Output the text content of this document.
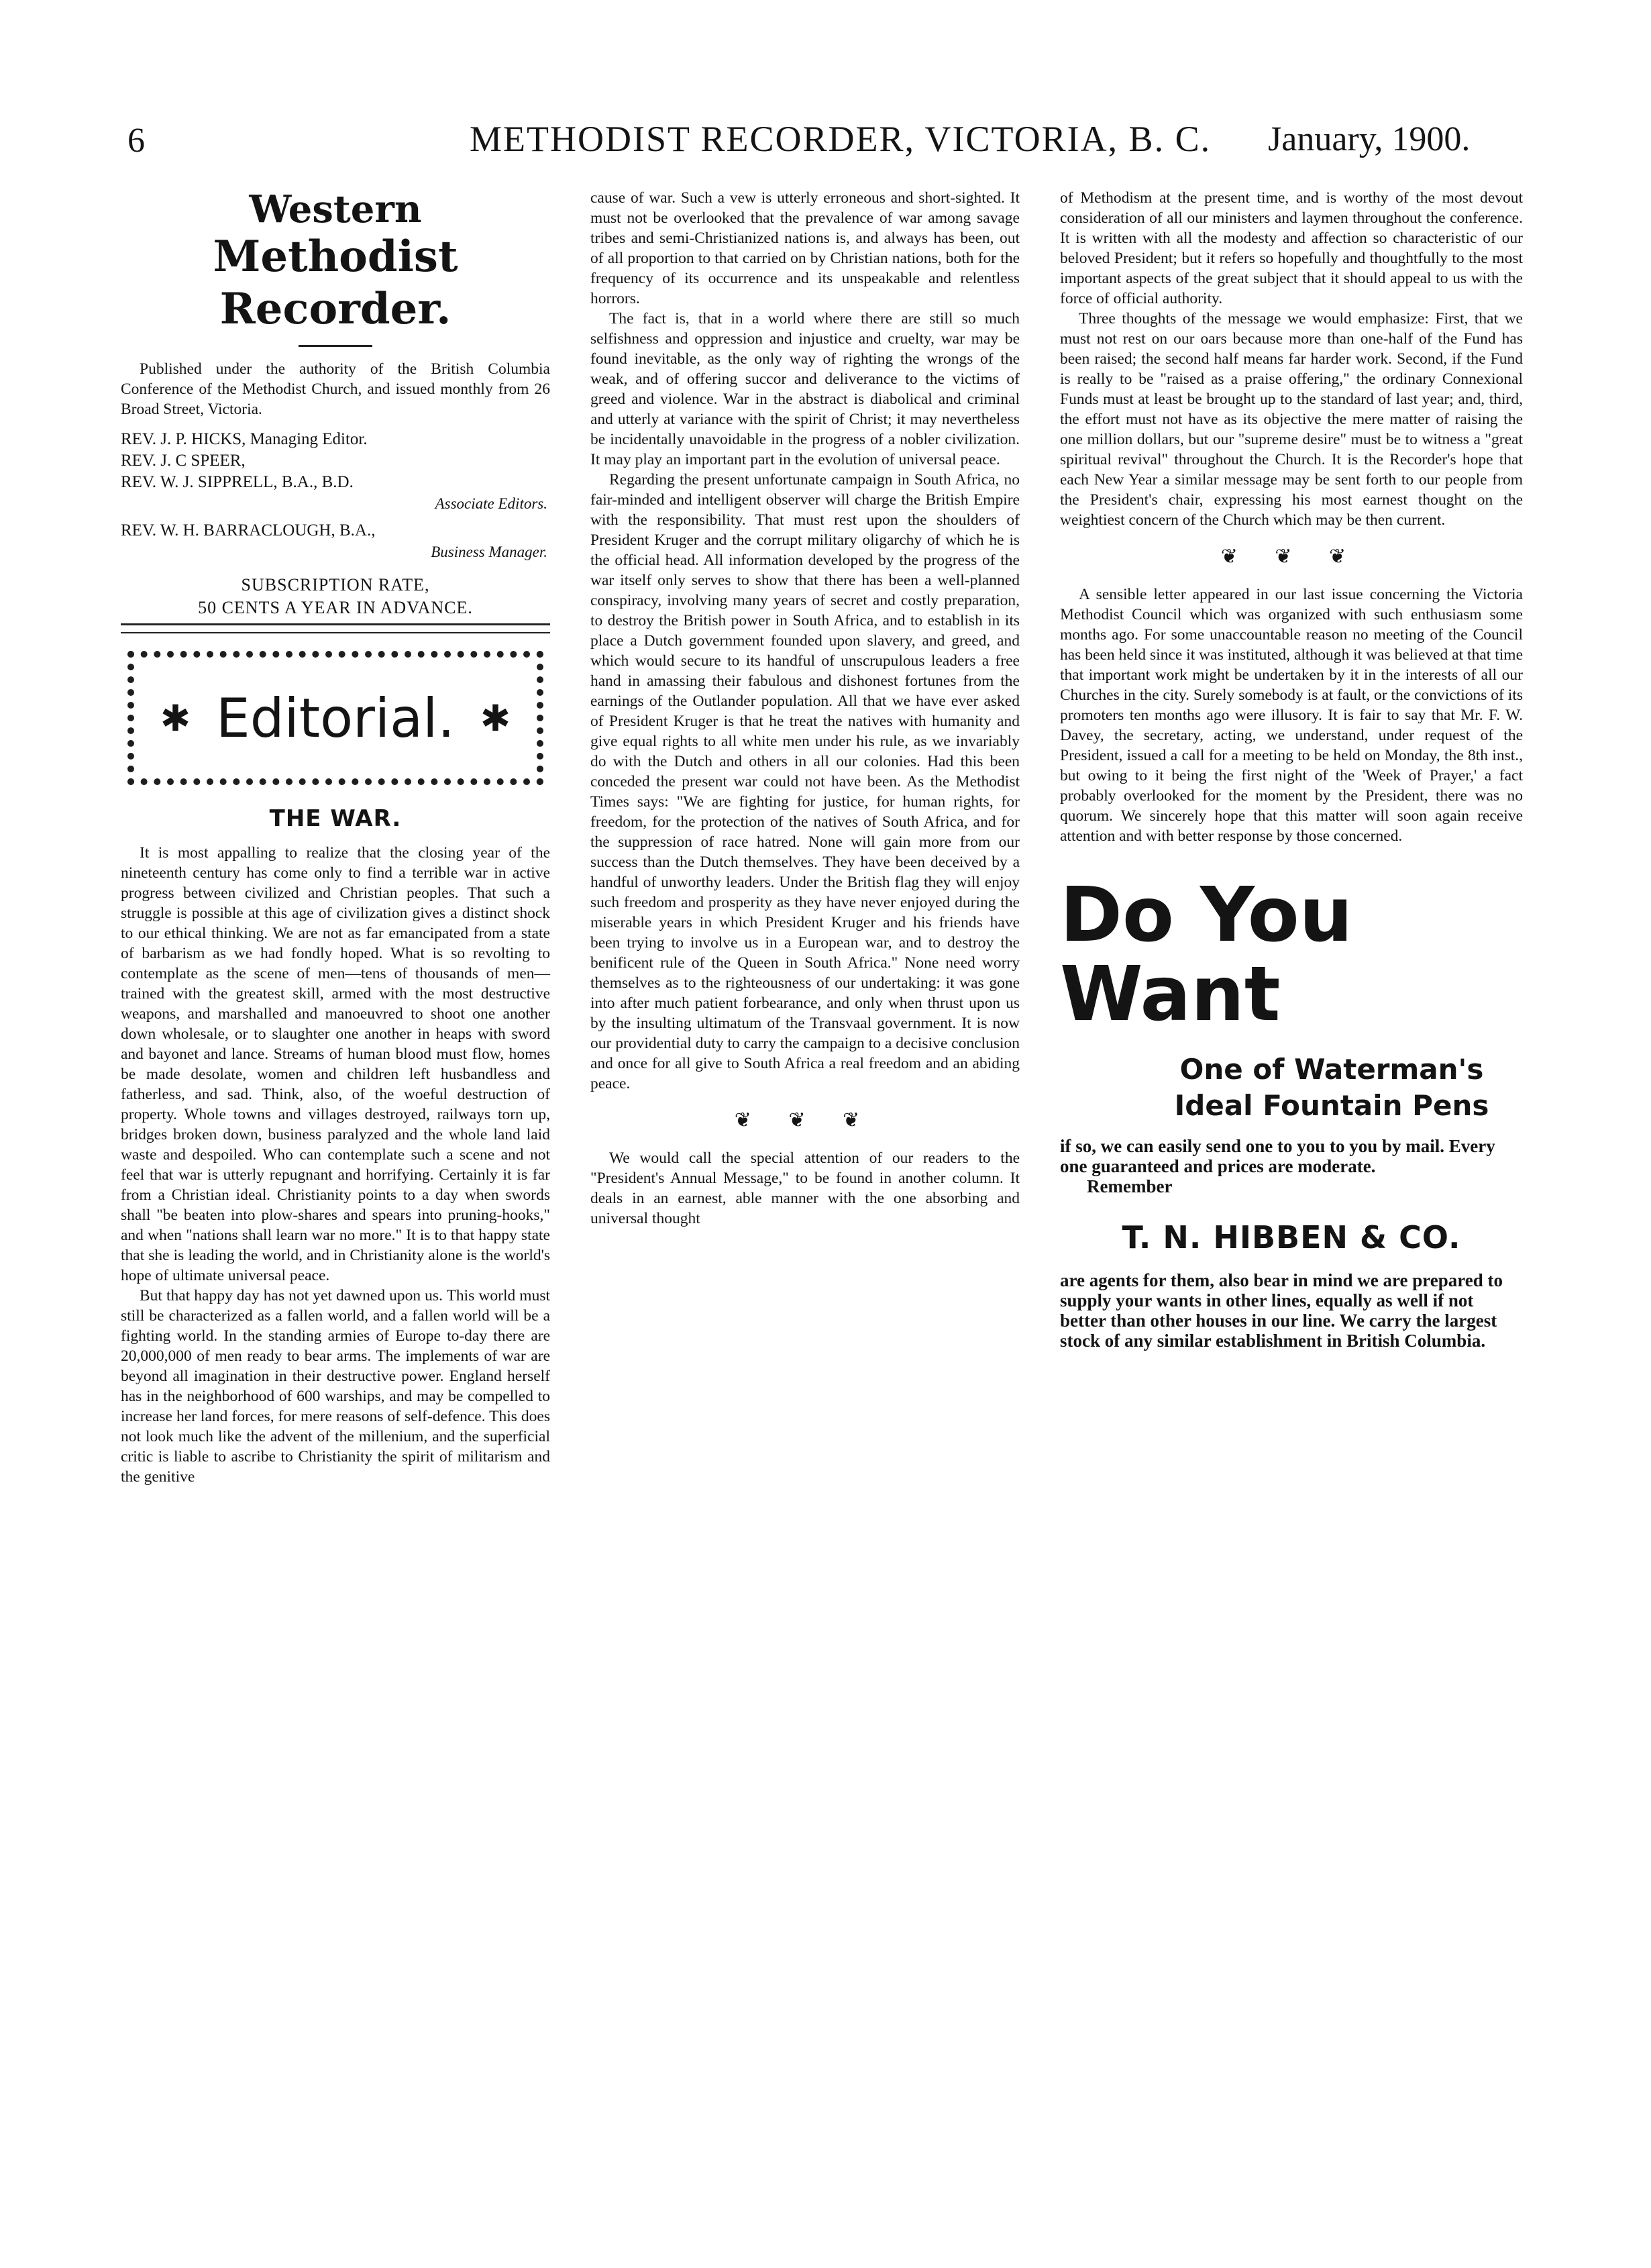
6	METHODIST RECORDER, VICTORIA, B. C. January, 1900.
Western
Methodist Recorder.

Published under the authority of the British Columbia Conference of the Methodist Church, and issued monthly from 26 Broad Street, Victoria.

REV. J. P. HICKS, Managing Editor.
REV. J. C SPEER,
REV. W. J. SIPPRELL, B.A., B.D.
Associate Editors.
REV. W. H. BARRACLOUGH, B.A.,
Business Manager.
SUBSCRIPTION RATE,
50 CENTS A YEAR IN ADVANCE.
✱ Editorial. ✱
THE WAR.

It is most appalling to realize that the closing year of the nineteenth century has come only to find a terrible war in active progress between civilized and Christian peoples. That such a struggle is possible at this age of civilization gives a distinct shock to our ethical thinking. We are not as far emancipated from a state of barbarism as we had fondly hoped. What is so revolting to contemplate as the scene of men—tens of thousands of men—trained with the greatest skill, armed with the most destructive weapons, and marshalled and manoeuvred to shoot one another down wholesale, or to slaughter one another in heaps with sword and bayonet and lance. Streams of human blood must flow, homes be made desolate, women and children left husbandless and fatherless, and sad. Think, also, of the woeful destruction of property. Whole towns and villages destroyed, railways torn up, bridges broken down, business paralyzed and the whole land laid waste and despoiled. Who can contemplate such a scene and not feel that war is utterly repugnant and horrifying. Certainly it is far from a Christian ideal. Christianity points to a day when swords shall "be beaten into plow-shares and spears into pruning-hooks," and when "nations shall learn war no more." It is to that happy state that she is leading the world, and in Christianity alone is the world's hope of ultimate universal peace.

But that happy day has not yet dawned upon us. This world must still be characterized as a fallen world, and a fallen world will be a fighting world. In the standing armies of Europe to-day there are 20,000,000 of men ready to bear arms. The implements of war are beyond all imagination in their destructive power. England herself has in the neighborhood of 600 warships, and may be compelled to increase her land forces, for mere reasons of self-defence. This does not look much like the advent of the millenium, and the superficial critic is liable to ascribe to Christianity the spirit of militarism and the genitive

cause of war. Such a vew is utterly erroneous and short-sighted. It must not be overlooked that the prevalence of war among savage tribes and semi-Christianized nations is, and always has been, out of all proportion to that carried on by Christian nations, both for the frequency of its occurrence and its unspeakable and relentless horrors.

The fact is, that in a world where there are still so much selfishness and oppression and injustice and cruelty, war may be found inevitable, as the only way of righting the wrongs of the weak, and of offering succor and deliverance to the victims of greed and violence. War in the abstract is diabolical and criminal and utterly at variance with the spirit of Christ; it may nevertheless be incidentally unavoidable in the progress of a nobler civilization. It may play an important part in the evolution of universal peace.

Regarding the present unfortunate campaign in South Africa, no fair-minded and intelligent observer will charge the British Empire with the responsibility. That must rest upon the shoulders of President Kruger and the corrupt military oligarchy of which he is the official head. All information developed by the progress of the war itself only serves to show that there has been a well-planned conspiracy, involving many years of secret and costly preparation, to destroy the British power in South Africa, and to establish in its place a Dutch government founded upon slavery, and greed, and which would secure to its handful of unscrupulous leaders a free hand in amassing their fabulous and dishonest fortunes from the earnings of the Outlander population. All that we have ever asked of President Kruger is that he treat the natives with humanity and give equal rights to all white men under his rule, as we invariably do with the Dutch and others in all our colonies. Had this been conceded the present war could not have been. As the Methodist Times says: "We are fighting for justice, for human rights, for freedom, for the protection of the natives of South Africa, and for the suppression of race hatred. None will gain more from our success than the Dutch themselves. They have been deceived by a handful of unworthy leaders. Under the British flag they will enjoy such freedom and prosperity as they have never enjoyed during the miserable years in which President Kruger and his friends have been trying to involve us in a European war, and to destroy the benificent rule of the Queen in South Africa." None need worry themselves as to the righteousness of our undertaking: it was gone into after much patient forbearance, and only when thrust upon us by the insulting ultimatum of the Transvaal government. It is now our providential duty to carry the campaign to a decisive conclusion and once for all give to South Africa a real freedom and an abiding peace.

❦ ❦ ❦

We would call the special attention of our readers to the "President's Annual Message," to be found in another column. It deals in an earnest, able manner with the one absorbing and universal thought

of Methodism at the present time, and is worthy of the most devout consideration of all our ministers and laymen throughout the conference. It is written with all the modesty and affection so characteristic of our beloved President; but it refers so hopefully and thoughtfully to the most important aspects of the great subject that it should appeal to us with the force of official authority.

Three thoughts of the message we would emphasize: First, that we must not rest on our oars because more than one-half of the Fund has been raised; the second half means far harder work. Second, if the Fund is really to be "raised as a praise offering," the ordinary Connexional Funds must at least be brought up to the standard of last year; and, third, the effort must not have as its objective the mere matter of raising the one million dollars, but our "supreme desire" must be to witness a "great spiritual revival" throughout the Church. It is the Recorder's hope that each New Year a similar message may be sent forth to our people from the President's chair, expressing his most earnest thought on the weightiest concern of the Church which may be then current.

❦ ❦ ❦

A sensible letter appeared in our last issue concerning the Victoria Methodist Council which was organized with such enthusiasm some months ago. For some unaccountable reason no meeting of the Council has been held since it was instituted, although it was believed at that time that important work might be undertaken by it in the interests of all our Churches in the city. Surely somebody is at fault, or the convictions of its promoters ten months ago were illusory. It is fair to say that Mr. F. W. Davey, the secretary, acting, we understand, under request of the President, issued a call for a meeting to be held on Monday, the 8th inst., but owing to it being the first night of the 'Week of Prayer,' a fact probably overlooked for the moment by the President, there was no quorum. We sincerely hope that this matter will soon again receive attention and with better response by those concerned.

Do You
Want
One of Waterman's
Ideal Fountain Pens
if so, we can easily send one to you to you by mail. Every one guaranteed and prices are moderate.
Remember
T. N. HIBBEN & CO.
are agents for them, also bear in mind we are prepared to supply your wants in other lines, equally as well if not better than other houses in our line. We carry the largest stock of any similar establishment in British Columbia.
